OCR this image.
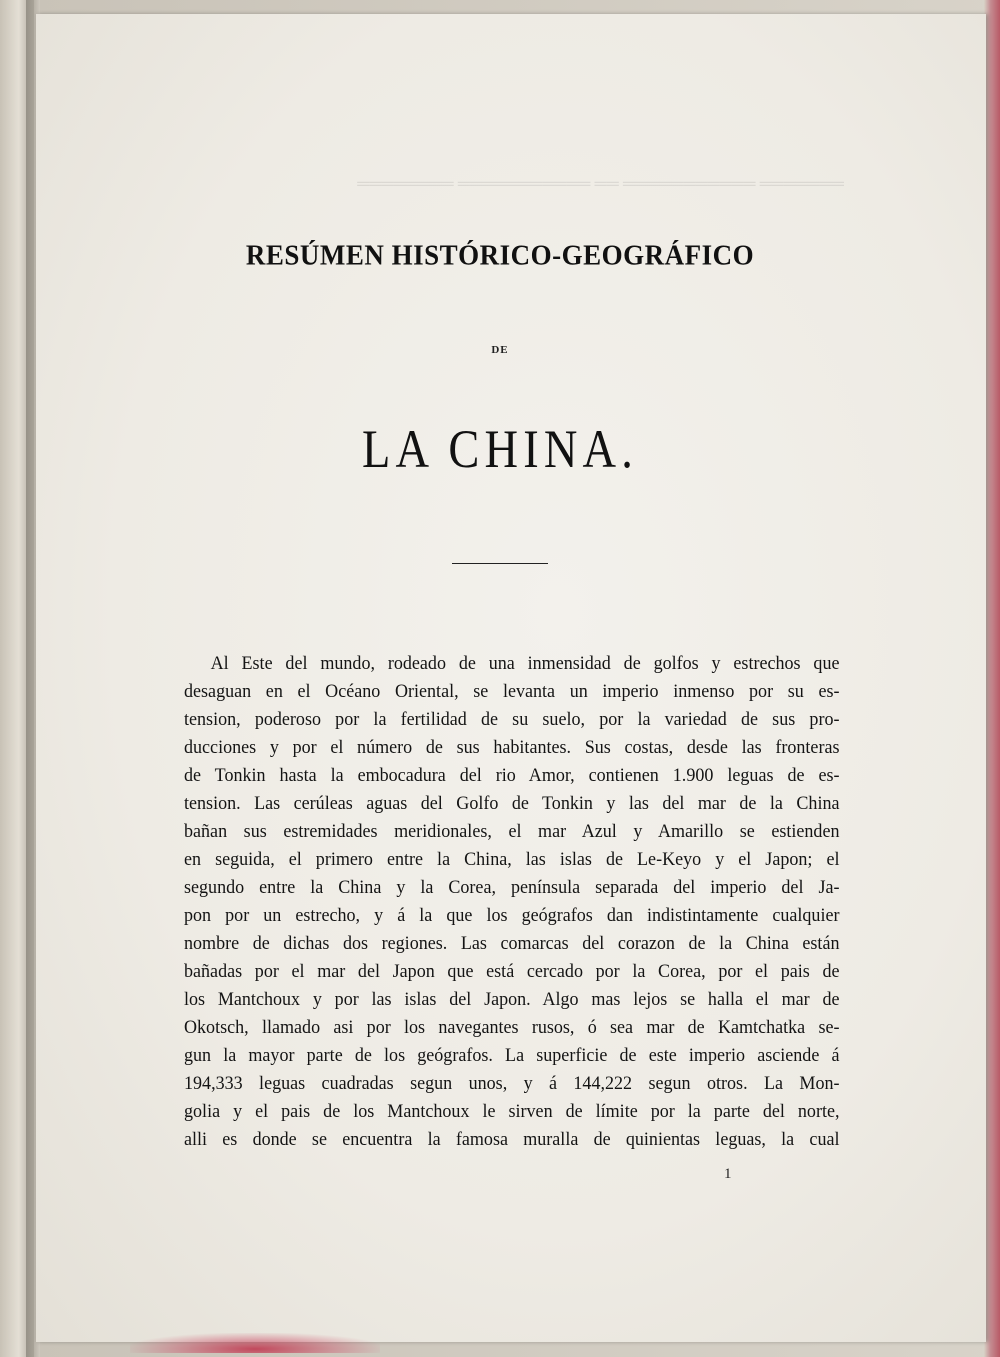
═══════ ═══════════ ══ ═══════════ ════════
RESÚMEN HISTÓRICO-GEOGRÁFICO
DE
LA CHINA.
Al Este del mundo, rodeado de una inmensidad de golfos y estrechos que
desaguan en el Océano Oriental, se levanta un imperio inmenso por su es-
tension, poderoso por la fertilidad de su suelo, por la variedad de sus pro-
ducciones y por el número de sus habitantes. Sus costas, desde las fronteras
de Tonkin hasta la embocadura del rio Amor, contienen 1.900 leguas de es-
tension. Las cerúleas aguas del Golfo de Tonkin y las del mar de la China
bañan sus estremidades meridionales, el mar Azul y Amarillo se estienden
en seguida, el primero entre la China, las islas de Le-Keyo y el Japon; el
segundo entre la China y la Corea, península separada del imperio del Ja-
pon por un estrecho, y á la que los geógrafos dan indistintamente cualquier
nombre de dichas dos regiones. Las comarcas del corazon de la China están
bañadas por el mar del Japon que está cercado por la Corea, por el pais de
los Mantchoux y por las islas del Japon. Algo mas lejos se halla el mar de
Okotsch, llamado asi por los navegantes rusos, ó sea mar de Kamtchatka se-
gun la mayor parte de los geógrafos. La superficie de este imperio asciende á
194,333 leguas cuadradas segun unos, y á 144,222 segun otros. La Mon-
golia y el pais de los Mantchoux le sirven de límite por la parte del norte,
alli es donde se encuentra la famosa muralla de quinientas leguas, la cual
1
